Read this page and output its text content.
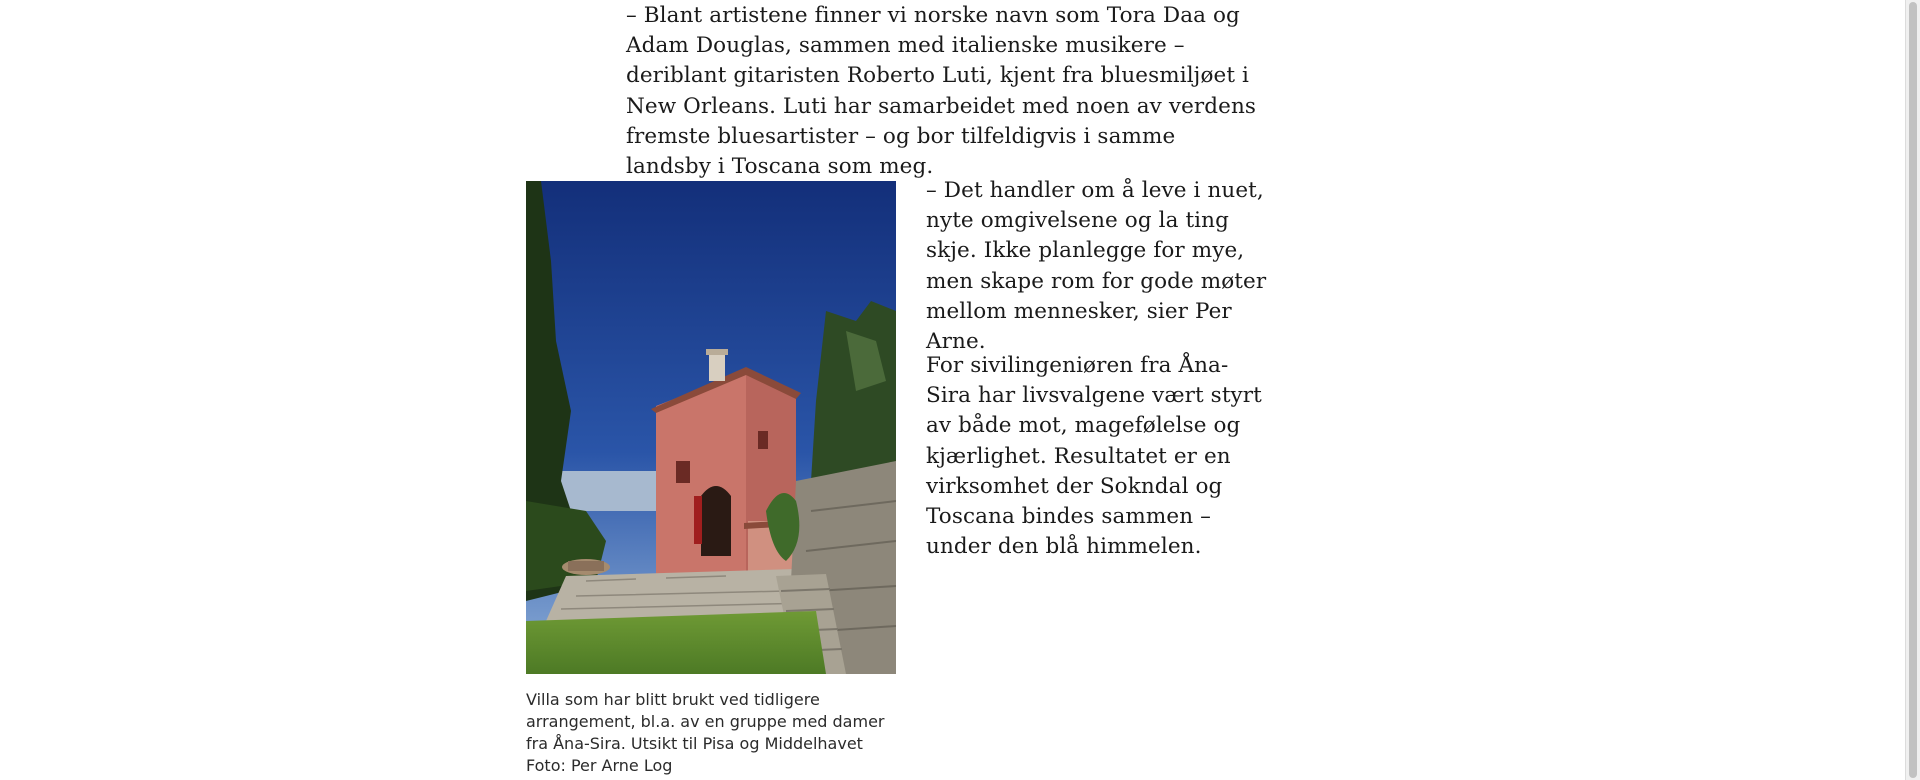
– Blant artistene finner vi norske navn som Tora Daa og Adam Douglas, sammen med italienske musikere – deriblant gitaristen Roberto Luti, kjent fra bluesmiljøet i New Orleans. Luti har samarbeidet med noen av verdens fremste bluesartister – og bor tilfeldigvis i samme landsby i Toscana som meg.

Villa som har blitt brukt ved tidligere arrangement, bl.a. av en gruppe med damer fra Åna-Sira. Utsikt til Pisa og Middelhavet Foto: Per Arne Log

– Det handler om å leve i nuet, nyte omgivelsene og la ting skje. Ikke planlegge for mye, men skape rom for gode møter mellom mennesker, sier Per Arne.

For sivilingeniøren fra Åna-Sira har livsvalgene vært styrt av både mot, magefølelse og kjærlighet. Resultatet er en virksomhet der Sokndal og Toscana bindes sammen – under den blå himmelen.
